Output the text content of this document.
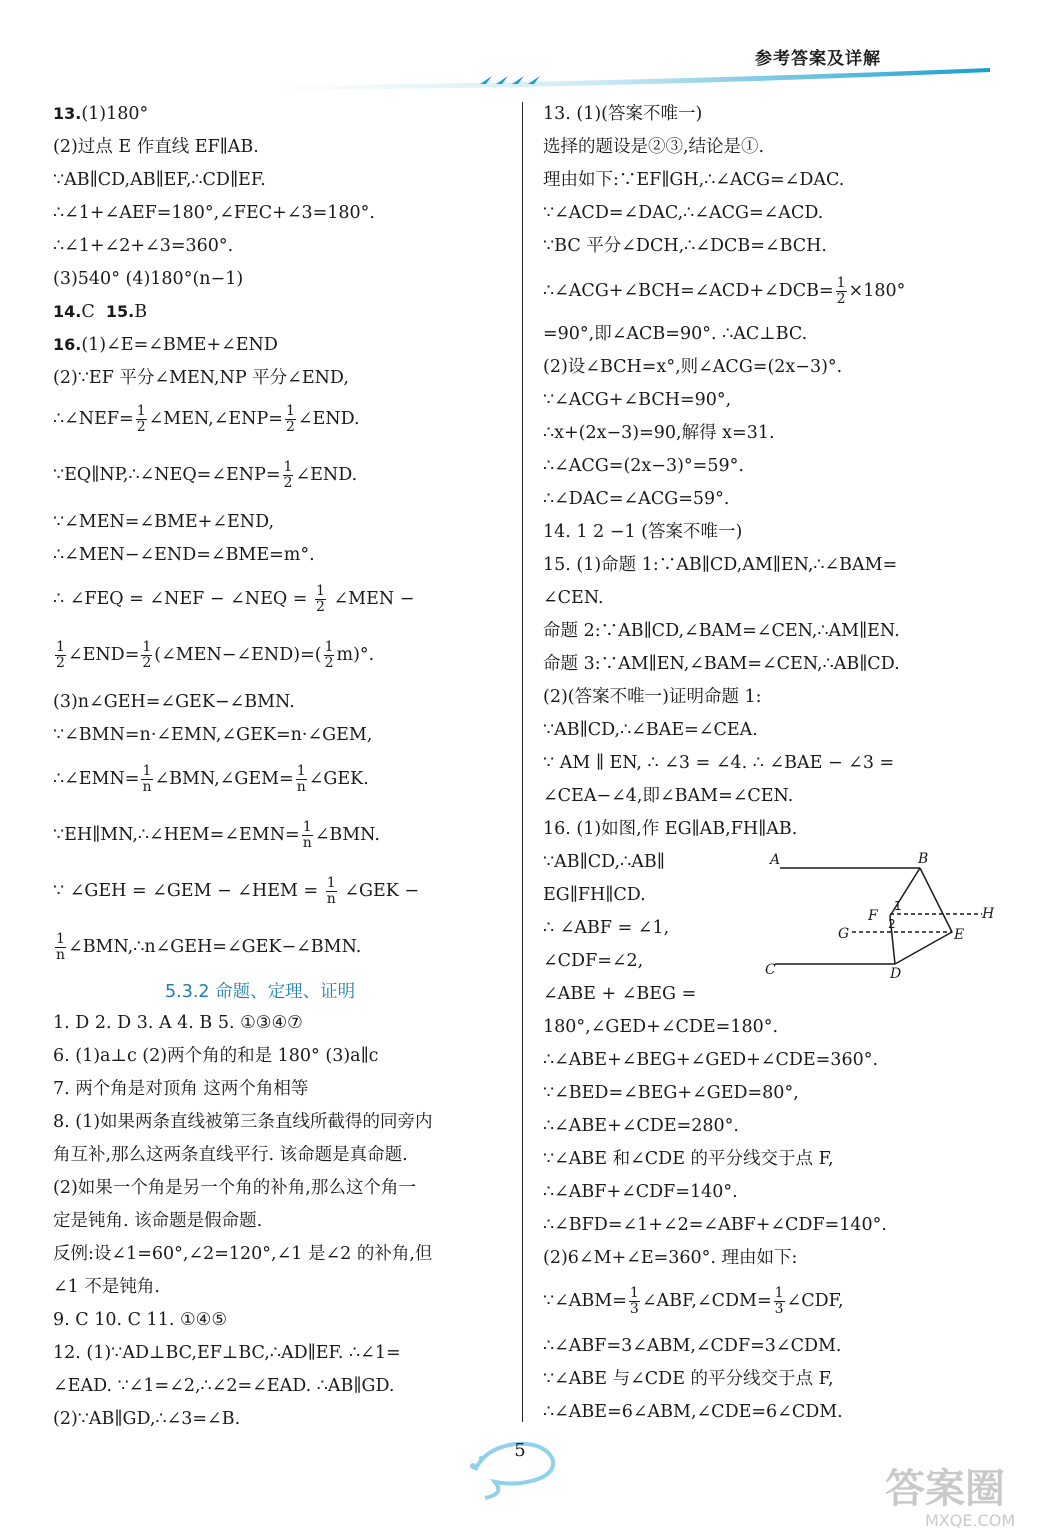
参考答案及详解
13.(1)180°
(2)过点 E 作直线 EF∥AB.
∵AB∥CD,AB∥EF,∴CD∥EF.
∴∠1+∠AEF=180°,∠FEC+∠3=180°.
∴∠1+∠2+∠3=360°.
(3)540° (4)180°(n−1)
14.C 15.B
16.(1)∠E=∠BME+∠END
(2)∵EF 平分∠MEN,NP 平分∠END,
∴∠NEF= $\frac{1}{2}$ ∠MEN,∠ENP= $\frac{1}{2}$ ∠END.
∵EQ∥NP,∴∠NEQ=∠ENP= $\frac{1}{2}$ ∠END.
∵∠MEN=∠BME+∠END,
∴∠MEN−∠END=∠BME=m°.
∴ ∠FEQ = ∠NEF − ∠NEQ = $\frac{1}{2}$ ∠MEN −
$\frac{1}{2}$ ∠END= $\frac{1}{2}$ (∠MEN−∠END)=( $\frac{1}{2} m)^\circ$.
(3)n∠GEH=∠GEK−∠BMN.
∵∠BMN=n·∠EMN,∠GEK=n·∠GEM,
∴∠EMN= $\frac{1}{n}$ ∠BMN,∠GEM= $\frac{1}{n}$ ∠GEK.
∵EH∥MN,∴∠HEM=∠EMN= $\frac{1}{n}$ ∠BMN.
∵ ∠GEH = ∠GEM − ∠HEM = $\frac{1}{n}$ ∠GEK −
$\frac{1}{n}$ ∠BMN,∴n∠GEH=∠GEK−∠BMN.
5.3.2 命题、定理、证明
1. D 2. D 3. A 4. B 5. ①③④⑦
6. (1)a⊥c (2)两个角的和是 180° (3)a∥c
7. 两个角是对顶角 这两个角相等
8. (1)如果两条直线被第三条直线所截得的同旁内
角互补,那么这两条直线平行. 该命题是真命题.
(2)如果一个角是另一个角的补角,那么这个角一
定是钝角. 该命题是假命题.
反例:设∠1=60°,∠2=120°,∠1 是∠2 的补角,但
∠1 不是钝角.
9. C 10. C 11. ①④⑤
12. (1)∵AD⊥BC,EF⊥BC,∴AD∥EF. ∴∠1=
∠EAD. ∵∠1=∠2,∴∠2=∠EAD. ∴AB∥GD.
(2)∵AB∥GD,∴∠3=∠B.
13. (1)(答案不唯一)
选择的题设是②③,结论是①.
理由如下:∵EF∥GH,∴∠ACG=∠DAC.
∵∠ACD=∠DAC,∴∠ACG=∠ACD.
∵BC 平分∠DCH,∴∠DCB=∠BCH.
∴∠ACG+∠BCH=∠ACD+∠DCB= $\frac{1}{2} \times 180^\circ$
=90°,即∠ACB=90°. ∴AC⊥BC.
(2)设∠BCH=x°,则∠ACG=(2x−3)°.
∵∠ACG+∠BCH=90°,
∴x+(2x−3)=90,解得 x=31.
∴∠ACG=(2x−3)°=59°.
∴∠DAC=∠ACG=59°.
14. 1 2 −1 (答案不唯一)
15. (1)命题 1:∵AB∥CD,AM∥EN,∴∠BAM=
∠CEN.
命题 2:∵AB∥CD,∠BAM=∠CEN,∴AM∥EN.
命题 3:∵AM∥EN,∠BAM=∠CEN,∴AB∥CD.
(2)(答案不唯一)证明命题 1:
∵AB∥CD,∴∠BAE=∠CEA.
∵ AM ∥ EN, ∴ ∠3 = ∠4. ∴ ∠BAE − ∠3 =
∠CEA−∠4,即∠BAM=∠CEN.
16. (1)如图,作 EG∥AB,FH∥AB.
∵AB∥CD,∴AB∥
EG∥FH∥CD.
∴ ∠ABF = ∠1,
∠CDF=∠2,
∠ABE + ∠BEG =
180°,∠GED+∠CDE=180°.
∴∠ABE+∠BEG+∠GED+∠CDE=360°.
∵∠BED=∠BEG+∠GED=80°,
∴∠ABE+∠CDE=280°.
∵∠ABE 和∠CDE 的平分线交于点 F,
∴∠ABF+∠CDF=140°.
∴∠BFD=∠1+∠2=∠ABF+∠CDF=140°.
(2)6∠M+∠E=360°. 理由如下:
∵∠ABM= $\frac{1}{3}$ ∠ABF,∠CDM= $\frac{1}{3}$ ∠CDF,
∴∠ABF=3∠ABM,∠CDF=3∠CDM.
∵∠ABE 与∠CDE 的平分线交于点 F,
∴∠ABE=6∠ABM,∠CDE=6∠CDM.
A	B
C	D
E
F
G
H
1
2
5
答案圈
MXQE.COM
